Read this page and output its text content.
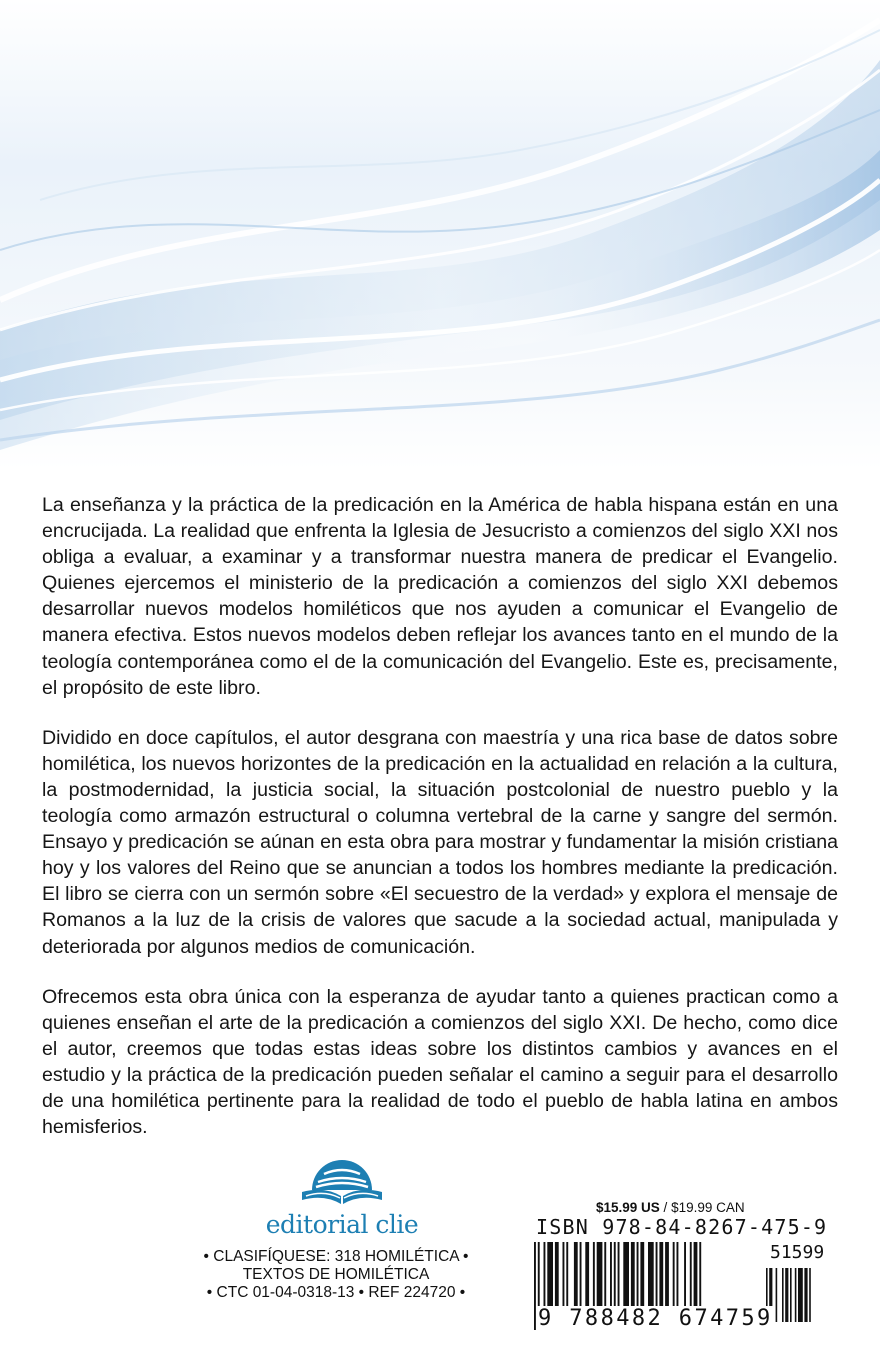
La enseñanza y la práctica de la predicación en la América de habla hispana están en una encrucijada. La realidad que enfrenta la Iglesia de Jesucristo a comienzos del siglo XXI nos obliga a evaluar, a examinar y a transformar nuestra manera de predicar el Evangelio. Quienes ejercemos el ministerio de la predicación a comienzos del siglo XXI debemos desarrollar nuevos modelos homiléticos que nos ayuden a comunicar el Evangelio de manera efectiva. Estos nuevos modelos deben reflejar los avances tanto en el mundo de la teología contemporánea como el de la comunicación del Evangelio. Este es, precisamente, el propósito de este libro.

Dividido en doce capítulos, el autor desgrana con maestría y una rica base de datos sobre homilética, los nuevos horizontes de la predicación en la actualidad en relación a la cultura, la postmodernidad, la justicia social, la situación postcolonial de nuestro pueblo y la teología como armazón estructural o columna vertebral de la carne y sangre del sermón. Ensayo y predicación se aúnan en esta obra para mostrar y fundamentar la misión cristiana hoy y los valores del Reino que se anuncian a todos los hombres mediante la predicación. El libro se cierra con un sermón sobre «El secuestro de la verdad» y explora el mensaje de Romanos a la luz de la crisis de valores que sacude a la sociedad actual, manipulada y deteriorada por algunos medios de comunicación.

Ofrecemos esta obra única con la esperanza de ayudar tanto a quienes practican como a quienes enseñan el arte de la predicación a comienzos del siglo XXI. De hecho, como dice el autor, creemos que todas estas ideas sobre los distintos cambios y avances en el estudio y la práctica de la predicación pueden señalar el camino a seguir para el desarrollo de una homilética pertinente para la realidad de todo el pueblo de habla latina en ambos hemisferios.

editorial clie
• CLASIFÍQUESE: 318 HOMILÉTICA •
TEXTOS DE HOMILÉTICA
• CTC 01-04-0318-13 • REF 224720 •
$15.99 US / $19.99 CAN
ISBN 978-84-8267-475-9
51599
9 788482 674759
